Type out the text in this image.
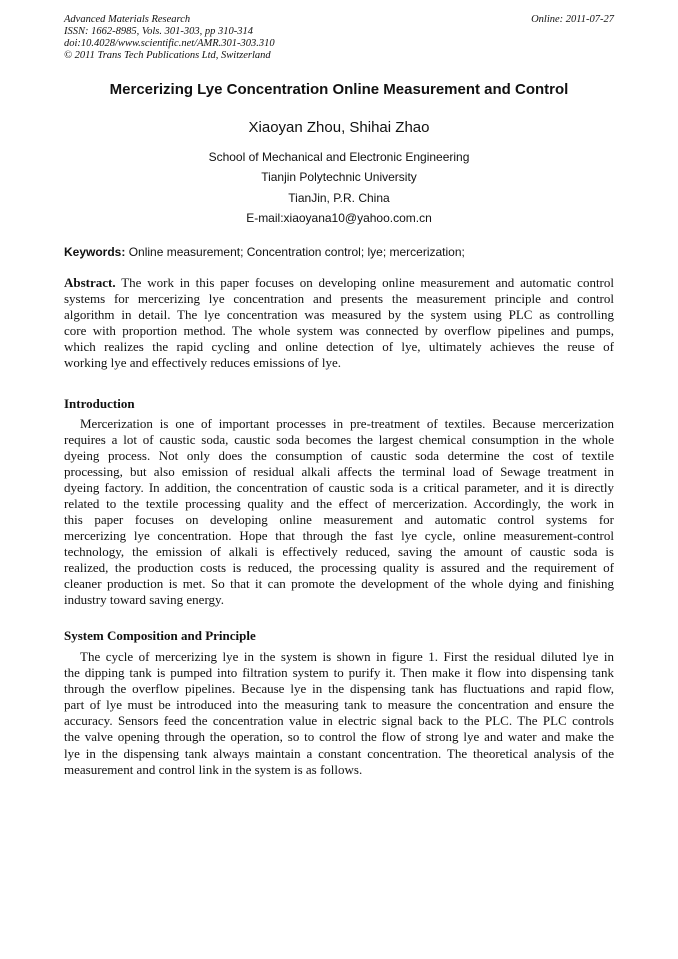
Advanced Materials Research
ISSN: 1662-8985, Vols. 301-303, pp 310-314
doi:10.4028/www.scientific.net/AMR.301-303.310
© 2011 Trans Tech Publications Ltd, Switzerland
Online: 2011-07-27
Mercerizing Lye Concentration Online Measurement and Control
Xiaoyan Zhou, Shihai Zhao
School of Mechanical and Electronic Engineering
Tianjin Polytechnic University
TianJin, P.R. China
E-mail:xiaoyana10@yahoo.com.cn
Keywords: Online measurement; Concentration control; lye; mercerization;
Abstract. The work in this paper focuses on developing online measurement and automatic control
systems for mercerizing lye concentration and presents the measurement principle and control
algorithm in detail. The lye concentration was measured by the system using PLC as controlling
core with proportion method. The whole system was connected by overflow pipelines and pumps,
which realizes the rapid cycling and online detection of lye, ultimately achieves the reuse of
working lye and effectively reduces emissions of lye.
Introduction
Mercerization is one of important processes in pre-treatment of textiles. Because mercerization
requires a lot of caustic soda, caustic soda becomes the largest chemical consumption in the whole
dyeing process. Not only does the consumption of caustic soda determine the cost of textile
processing, but also emission of residual alkali affects the terminal load of Sewage treatment in
dyeing factory. In addition, the concentration of caustic soda is a critical parameter, and it is directly
related to the textile processing quality and the effect of mercerization. Accordingly, the work in
this paper focuses on developing online measurement and automatic control systems for
mercerizing lye concentration. Hope that through the fast lye cycle, online measurement-control
technology, the emission of alkali is effectively reduced, saving the amount of caustic soda is
realized, the production costs is reduced, the processing quality is assured and the requirement of
cleaner production is met. So that it can promote the development of the whole dying and finishing
industry toward saving energy.
System Composition and Principle
The cycle of mercerizing lye in the system is shown in figure 1. First the residual diluted lye in
the dipping tank is pumped into filtration system to purify it. Then make it flow into dispensing tank
through the overflow pipelines. Because lye in the dispensing tank has fluctuations and rapid flow,
part of lye must be introduced into the measuring tank to measure the concentration and ensure the
accuracy. Sensors feed the concentration value in electric signal back to the PLC. The PLC controls
the valve opening through the operation, so to control the flow of strong lye and water and make the
lye in the dispensing tank always maintain a constant concentration. The theoretical analysis of the
measurement and control link in the system is as follows.
